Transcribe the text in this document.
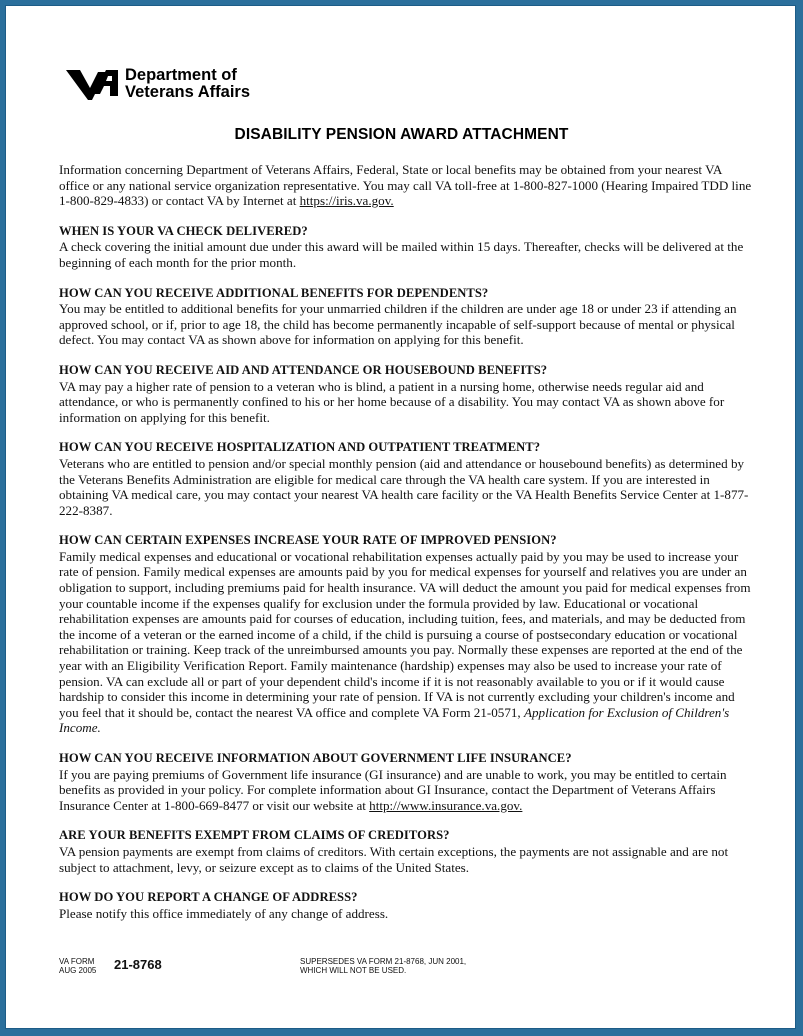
Department of
Veterans Affairs
DISABILITY PENSION AWARD ATTACHMENT

Information concerning Department of Veterans Affairs, Federal, State or local benefits may be obtained from your nearest VA office or any national service organization representative. You may call VA toll-free at 1-800-827-1000 (Hearing Impaired TDD line 1-800-829-4833) or contact VA by Internet at https://iris.va.gov.

WHEN IS YOUR VA CHECK DELIVERED?

A check covering the initial amount due under this award will be mailed within 15 days. Thereafter, checks will be delivered at the beginning of each month for the prior month.

HOW CAN YOU RECEIVE ADDITIONAL BENEFITS FOR DEPENDENTS?

You may be entitled to additional benefits for your unmarried children if the children are under age 18 or under 23 if attending an approved school, or if, prior to age 18, the child has become permanently incapable of self-support because of mental or physical defect. You may contact VA as shown above for information on applying for this benefit.

HOW CAN YOU RECEIVE AID AND ATTENDANCE OR HOUSEBOUND BENEFITS?

VA may pay a higher rate of pension to a veteran who is blind, a patient in a nursing home, otherwise needs regular aid and attendance, or who is permanently confined to his or her home because of a disability. You may contact VA as shown above for information on applying for this benefit.

HOW CAN YOU RECEIVE HOSPITALIZATION AND OUTPATIENT TREATMENT?

Veterans who are entitled to pension and/or special monthly pension (aid and attendance or housebound benefits) as determined by the Veterans Benefits Administration are eligible for medical care through the VA health care system. If you are interested in obtaining VA medical care, you may contact your nearest VA health care facility or the VA Health Benefits Service Center at 1-877-222-8387.

HOW CAN CERTAIN EXPENSES INCREASE YOUR RATE OF IMPROVED PENSION?

Family medical expenses and educational or vocational rehabilitation expenses actually paid by you may be used to increase your rate of pension. Family medical expenses are amounts paid by you for medical expenses for yourself and relatives you are under an obligation to support, including premiums paid for health insurance. VA will deduct the amount you paid for medical expenses from your countable income if the expenses qualify for exclusion under the formula provided by law. Educational or vocational rehabilitation expenses are amounts paid for courses of education, including tuition, fees, and materials, and may be deducted from the income of a veteran or the earned income of a child, if the child is pursuing a course of postsecondary education or vocational rehabilitation or training. Keep track of the unreimbursed amounts you pay. Normally these expenses are reported at the end of the year with an Eligibility Verification Report. Family maintenance (hardship) expenses may also be used to increase your rate of pension. VA can exclude all or part of your dependent child's income if it is not reasonably available to you or if it would cause hardship to consider this income in determining your rate of pension. If VA is not currently excluding your children's income and you feel that it should be, contact the nearest VA office and complete VA Form 21-0571, Application for Exclusion of Children's Income.

HOW CAN YOU RECEIVE INFORMATION ABOUT GOVERNMENT LIFE INSURANCE?

If you are paying premiums of Government life insurance (GI insurance) and are unable to work, you may be entitled to certain benefits as provided in your policy. For complete information about GI Insurance, contact the Department of Veterans Affairs Insurance Center at 1-800-669-8477 or visit our website at http://www.insurance.va.gov.

ARE YOUR BENEFITS EXEMPT FROM CLAIMS OF CREDITORS?

VA pension payments are exempt from claims of creditors. With certain exceptions, the payments are not assignable and are not subject to attachment, levy, or seizure except as to claims of the United States.

HOW DO YOU REPORT A CHANGE OF ADDRESS?

Please notify this office immediately of any change of address.

VA FORM
AUG 2005 21-8768	SUPERSEDES VA FORM 21-8768, JUN 2001,
WHICH WILL NOT BE USED.
